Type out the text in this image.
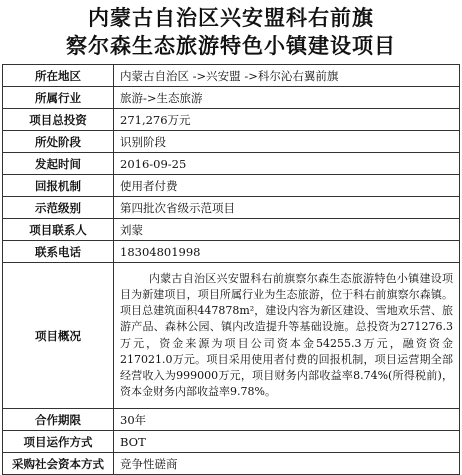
内蒙古自治区兴安盟科右前旗
察尔森生态旅游特色小镇建设项目
所在地区	内蒙古自治区 ->兴安盟 ->科尔沁右翼前旗
所属行业	旅游->生态旅游
项目总投资	271,276万元
所处阶段	识别阶段
发起时间	2016-09-25
回报机制	使用者付费
示范级别	第四批次省级示范项目
项目联系人	刘蒙
联系电话	18304801998
项目概况	内蒙古自治区兴安盟科右前旗察尔森生态旅游特色小镇建设项目为新建项目，项目所属行业为生态旅游，位于科右前旗察尔森镇。项目总建筑面积447878m²，建设内容为新区建设、雪地欢乐营、旅游产品、森林公园、镇内改造提升等基础设施。总投资为271276.3万元，资金来源为项目公司资本金54255.3万元，融资资金217021.0万元。项目采用使用者付费的回报机制，项目运营期全部经营收入为999000万元，项目财务内部收益率8.74%(所得税前)，资本金财务内部收益率9.78%。
合作期限	30年
项目运作方式	BOT
采购社会资本方式	竞争性磋商
